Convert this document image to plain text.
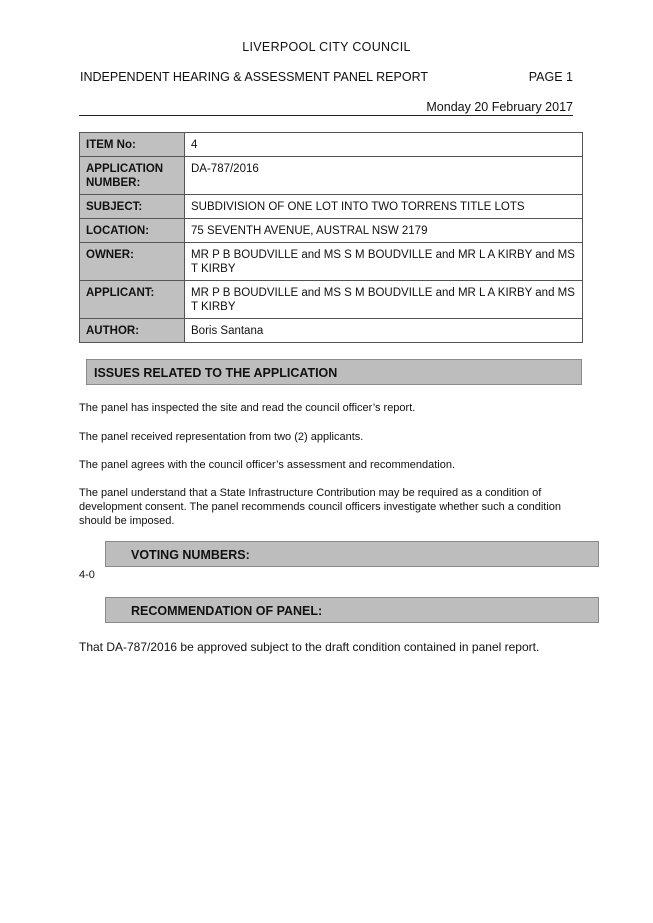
LIVERPOOL CITY COUNCIL
INDEPENDENT HEARING & ASSESSMENT PANEL REPORT	PAGE 1
Monday 20 February 2017
ITEM No:	4
APPLICATION NUMBER:	DA-787/2016
SUBJECT:	SUBDIVISION OF ONE LOT INTO TWO TORRENS TITLE LOTS
LOCATION:	75 SEVENTH AVENUE, AUSTRAL NSW 2179
OWNER:	MR P B BOUDVILLE and MS S M BOUDVILLE and MR L A KIRBY and MS T KIRBY
APPLICANT:	MR P B BOUDVILLE and MS S M BOUDVILLE and MR L A KIRBY and MS T KIRBY
AUTHOR:	Boris Santana
ISSUES RELATED TO THE APPLICATION
The panel has inspected the site and read the council officer’s report.
The panel received representation from two (2) applicants.
The panel agrees with the council officer’s assessment and recommendation.
The panel understand that a State Infrastructure Contribution may be required as a condition of development consent. The panel recommends council officers investigate whether such a condition should be imposed.
VOTING NUMBERS:
4-0
RECOMMENDATION OF PANEL:
That DA-787/2016 be approved subject to the draft condition contained in panel report.
